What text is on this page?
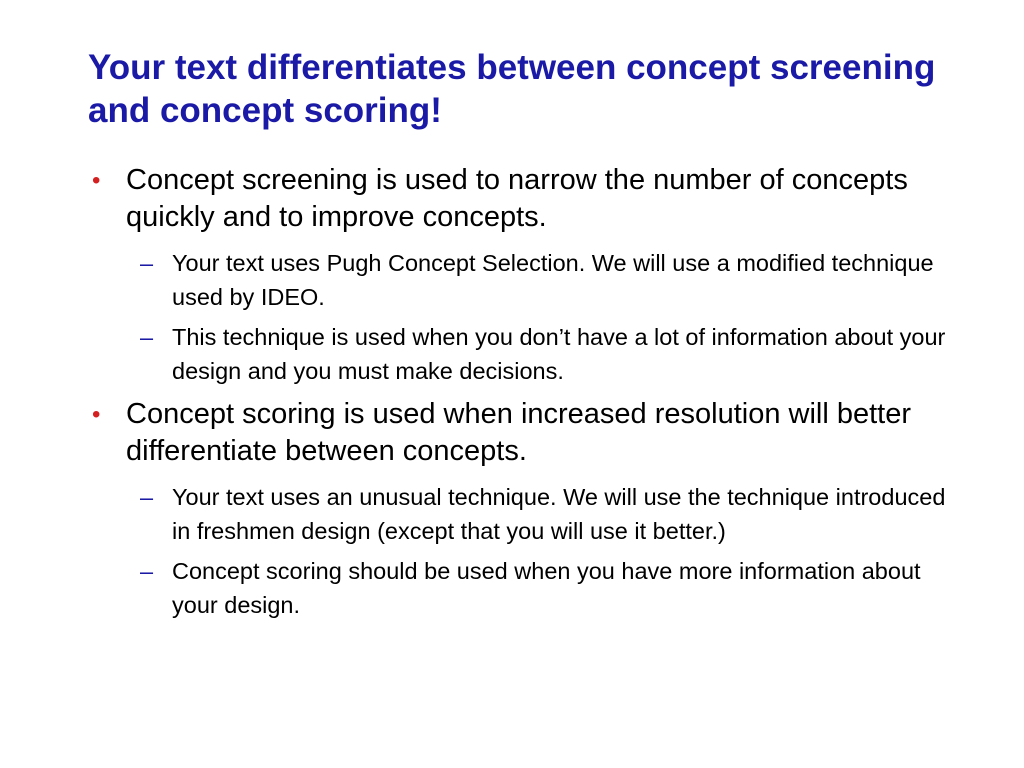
Your text differentiates between concept screening and concept scoring!
• Concept screening is used to narrow the number of concepts quickly and to improve concepts.
– Your text uses Pugh Concept Selection. We will use a modified technique used by IDEO.
– This technique is used when you don’t have a lot of information about your design and you must make decisions.
• Concept scoring is used when increased resolution will better differentiate between concepts.
– Your text uses an unusual technique. We will use the technique introduced in freshmen design (except that you will use it better.)
– Concept scoring should be used when you have more information about your design.
